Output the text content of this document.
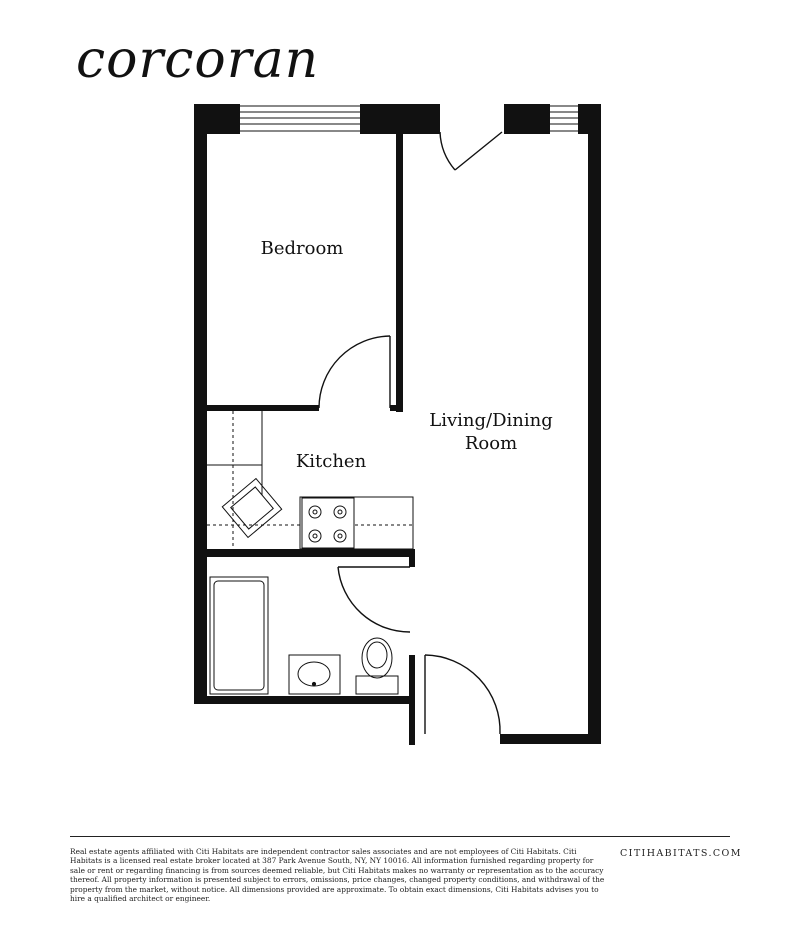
corcoran
Bedroom
Living/Dining
Room
Kitchen
Real estate agents affiliated with Citi Habitats are independent contractor sales associates and are not employees of Citi Habitats. Citi Habitats is a licensed real estate broker located at 387 Park Avenue South, NY, NY 10016. All information furnished regarding property for sale or rent or regarding financing is from sources deemed reliable, but Citi Habitats makes no warranty or representation as to the accuracy thereof. All property information is presented subject to errors, omissions, price changes, changed property conditions, and withdrawal of the property from the market, without notice. All dimensions provided are approximate. To obtain exact dimensions, Citi Habitats advises you to hire a qualified architect or engineer.
CITIHABITATS.COM
